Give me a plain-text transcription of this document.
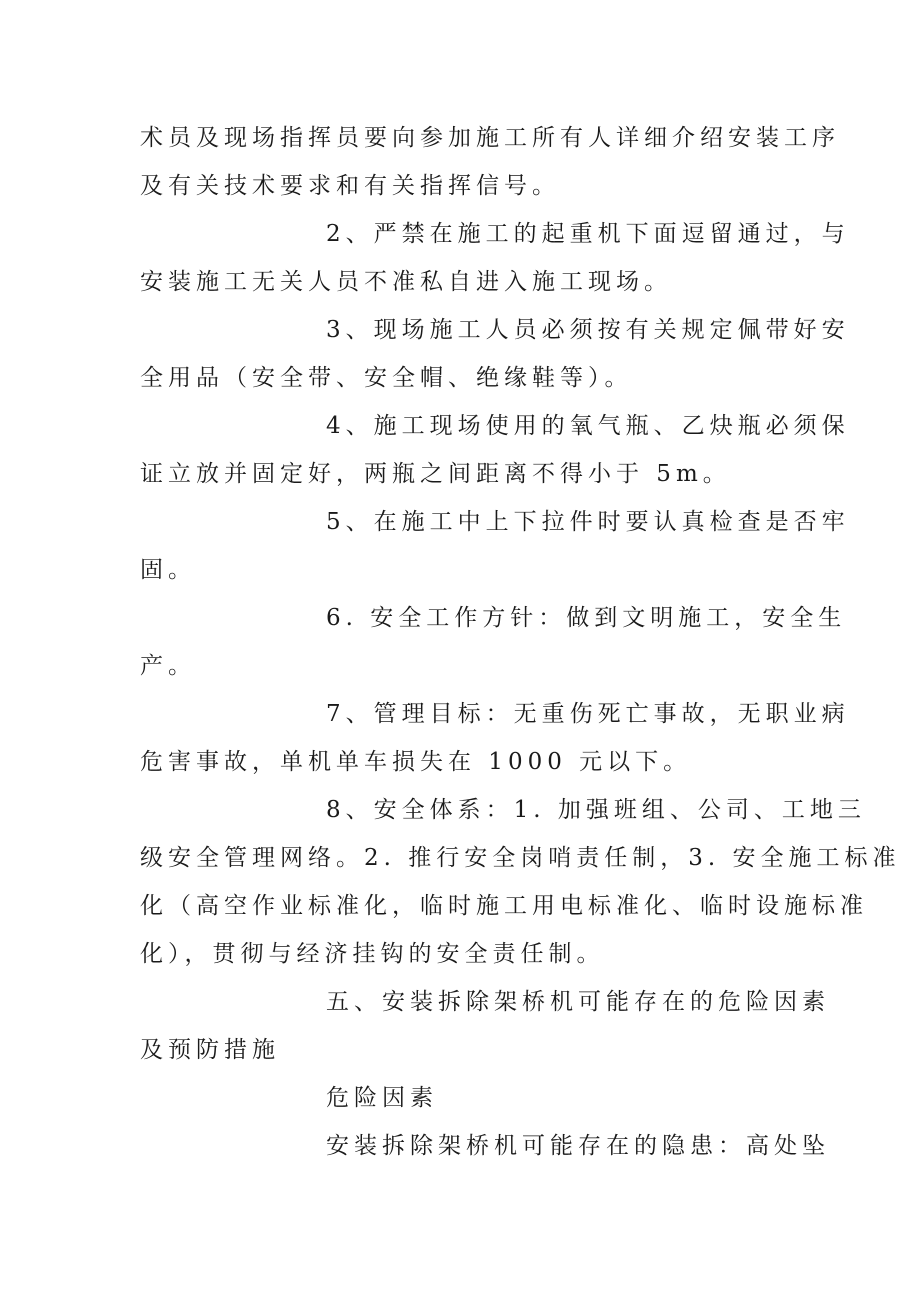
术员及现场指挥员要向参加施工所有人详细介绍安装工序
及有关技术要求和有关指挥信号。
2、严禁在施工的起重机下面逗留通过，与
安装施工无关人员不准私自进入施工现场。
3、现场施工人员必须按有关规定佩带好安
全用品（安全带、安全帽、绝缘鞋等）。
4、施工现场使用的氧气瓶、乙炔瓶必须保
证立放并固定好，两瓶之间距离不得小于 5m。
5、在施工中上下拉件时要认真检查是否牢
固。
6. 安全工作方针：做到文明施工，安全生
产。
7、管理目标：无重伤死亡事故，无职业病
危害事故，单机单车损失在 1000 元以下。
8、安全体系：1. 加强班组、公司、工地三
级安全管理网络。2. 推行安全岗哨责任制，3. 安全施工标准
化（高空作业标准化，临时施工用电标准化、临时设施标准
化），贯彻与经济挂钩的安全责任制。
五、安装拆除架桥机可能存在的危险因素
及预防措施
危险因素
安装拆除架桥机可能存在的隐患：高处坠
